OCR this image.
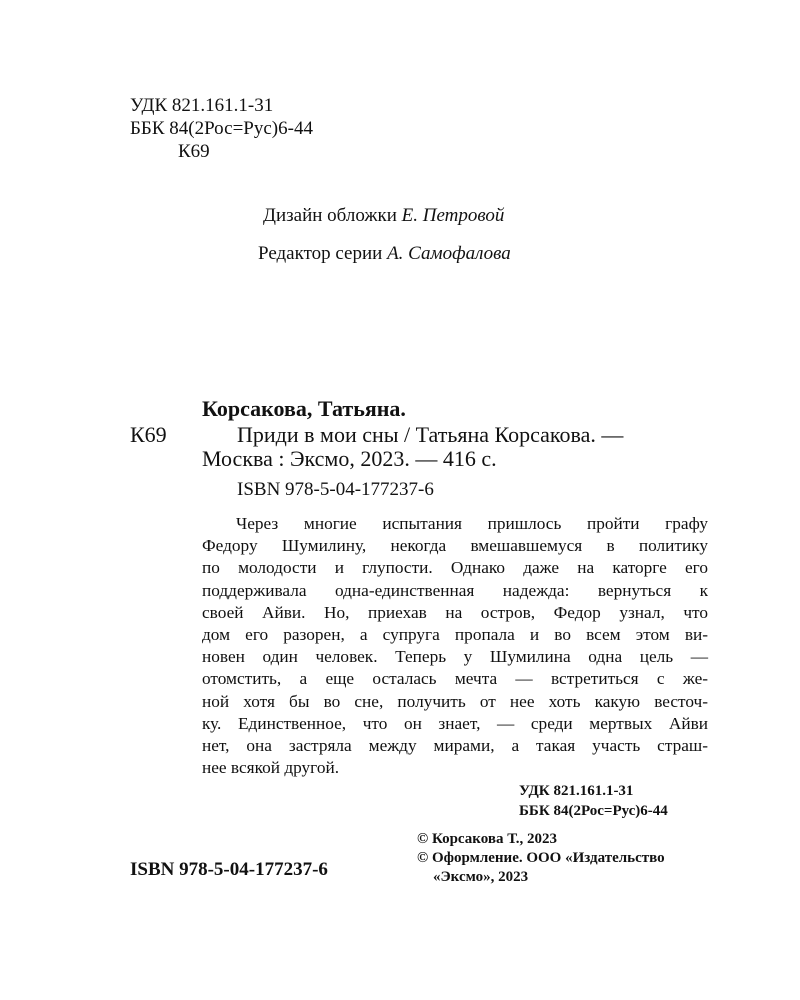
УДК 821.161.1-31
ББК 84(2Рос=Рус)6-44
К69
Дизайн обложки Е. Петровой
Редактор серии А. Самофалова
Корсакова, Татьяна.
К69	Приди в мои сны / Татьяна Корсакова. —
Москва : Эксмо, 2023. — 416 с.
ISBN 978-5-04-177237-6
Через многие испытания пришлось пройти графу
Федору Шумилину, некогда вмешавшемуся в политику
по молодости и глупости. Однако даже на каторге его
поддерживала одна-единственная надежда: вернуться к
своей Айви. Но, приехав на остров, Федор узнал, что
дом его разорен, а супруга пропала и во всем этом ви-
новен один человек. Теперь у Шумилина одна цель —
отомстить, а еще осталась мечта — встретиться с же-
ной хотя бы во сне, получить от нее хоть какую весточ-
ку. Единственное, что он знает, — среди мертвых Айви
нет, она застряла между мирами, а такая участь страш-
нее всякой другой.
УДК 821.161.1-31
ББК 84(2Рос=Рус)6-44
ISBN 978-5-04-177237-6
© Корсакова Т., 2023
© Оформление. ООО «Издательство
«Эксмо», 2023
